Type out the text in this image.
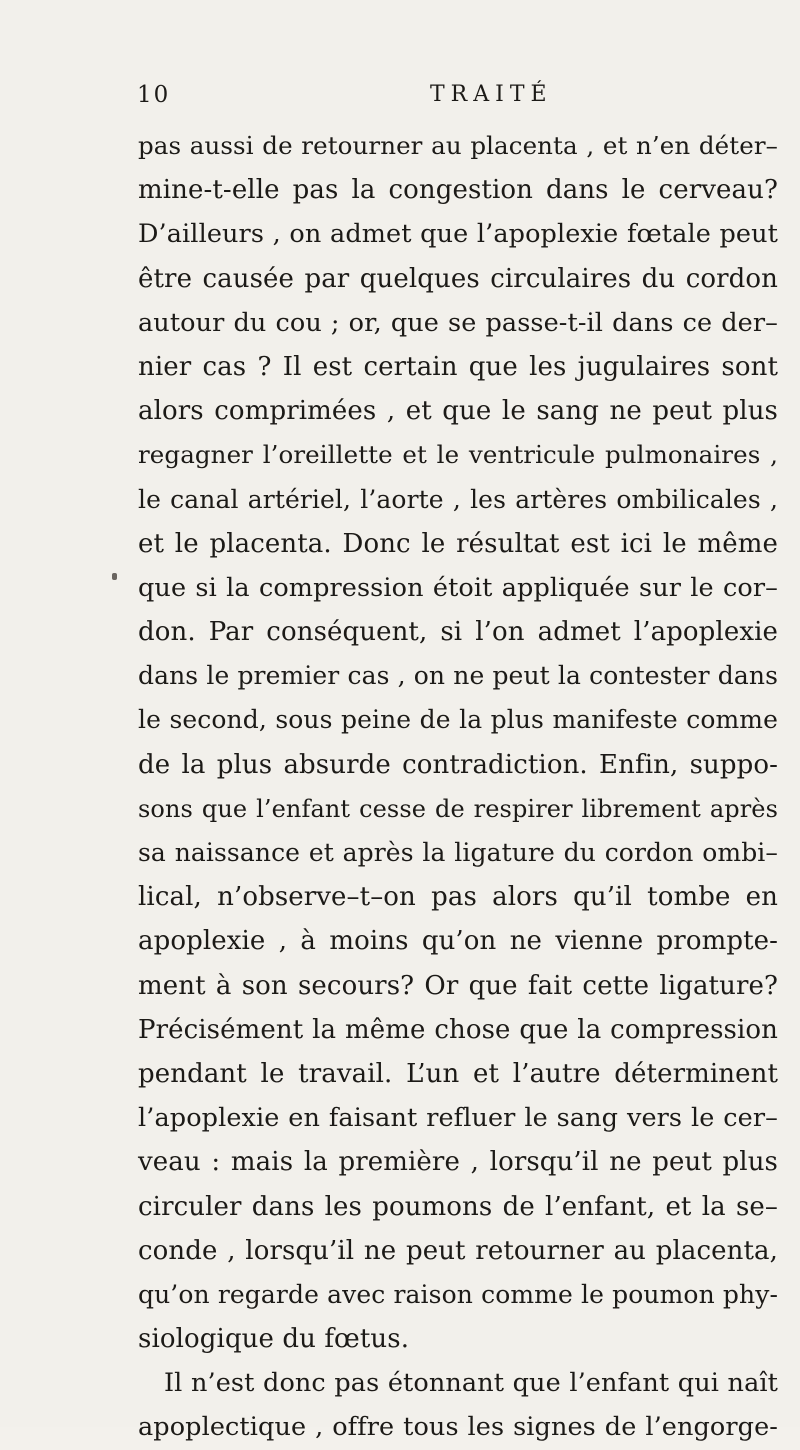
10	TRAITÉ
pas aussi de retourner au placenta , et n’en déter–
mine-t-elle pas la congestion dans le cerveau?
D’ailleurs , on admet que l’apoplexie fœtale peut
être causée par quelques circulaires du cordon
autour du cou ; or, que se passe-t-il dans ce der–
nier cas ? Il est certain que les jugulaires sont
alors comprimées , et que le sang ne peut plus
regagner l’oreillette et le ventricule pulmonaires ,
le canal artériel, l’aorte , les artères ombilicales ,
et le placenta. Donc le résultat est ici le même
que si la compression étoit appliquée sur le cor–
don. Par conséquent, si l’on admet l’apoplexie
dans le premier cas , on ne peut la contester dans
le second, sous peine de la plus manifeste comme
de la plus absurde contradiction. Enfin, suppo-
sons que l’enfant cesse de respirer librement après
sa naissance et après la ligature du cordon ombi–
lical, n’observe–t–on pas alors qu’il tombe en
apoplexie , à moins qu’on ne vienne prompte-
ment à son secours? Or que fait cette ligature?
Précisément la même chose que la compression
pendant le travail. L’un et l’autre déterminent
l’apoplexie en faisant refluer le sang vers le cer–
veau : mais la première , lorsqu’il ne peut plus
circuler dans les poumons de l’enfant, et la se–
conde , lorsqu’il ne peut retourner au placenta,
qu’on regarde avec raison comme le poumon phy-
siologique du fœtus.
Il n’est donc pas étonnant que l’enfant qui naît
apoplectique , offre tous les signes de l’engorge-
